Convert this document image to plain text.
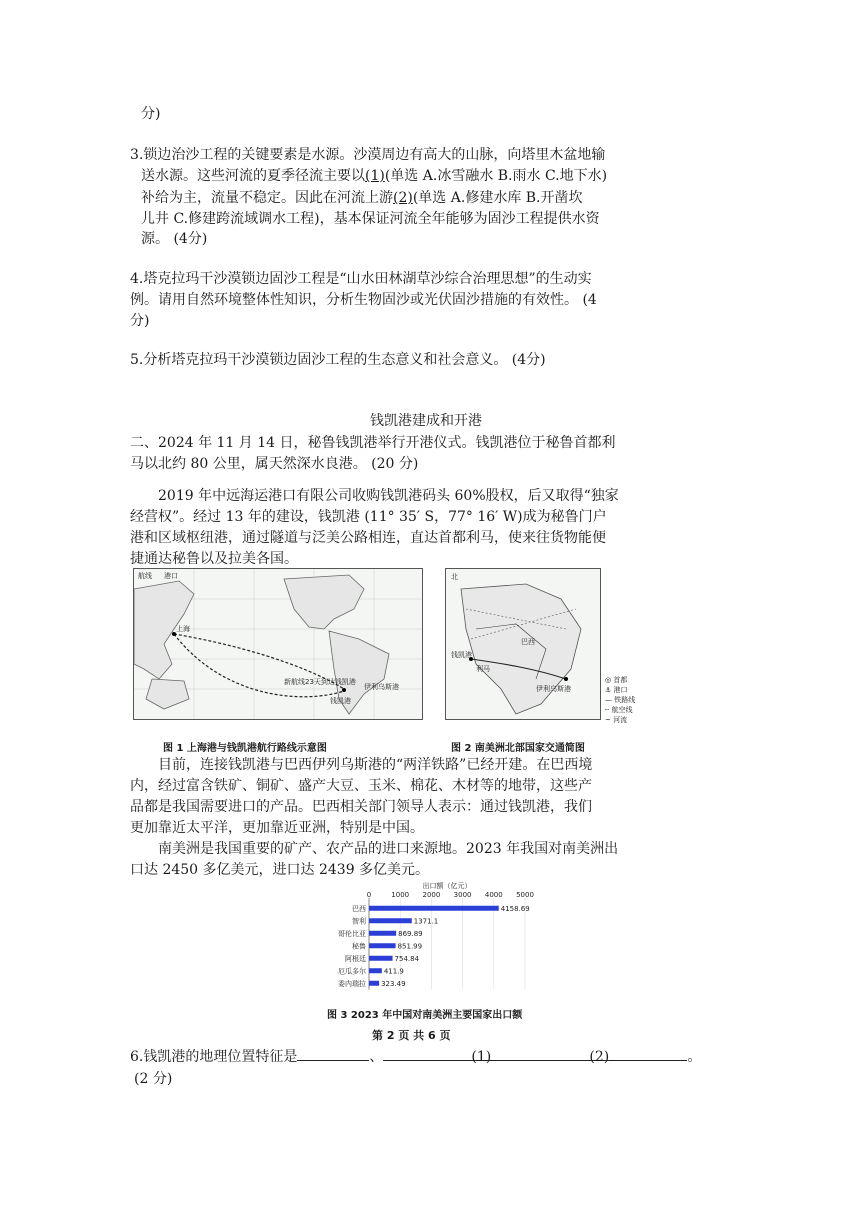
分)

3.锁边治沙工程的关键要素是水源。沙漠周边有高大的山脉，向塔里木盆地输

送水源。这些河流的夏季径流主要以(1)(单选 A.冰雪融水 B.雨水 C.地下水)

补给为主，流量不稳定。因此在河流上游(2)(单选 A.修建水库 B.开凿坎

儿井 C.修建跨流域调水工程)，基本保证河流全年能够为固沙工程提供水资

源。 (4分)

4.塔克拉玛干沙漠锁边固沙工程是“山水田林湖草沙综合治理思想”的生动实

例。请用自然环境整体性知识，分析生物固沙或光伏固沙措施的有效性。 (4

分)

5.分析塔克拉玛干沙漠锁边固沙工程的生态意义和社会意义。 (4分)

钱凯港建成和开港

二、2024 年 11 月 14 日，秘鲁钱凯港举行开港仪式。钱凯港位于秘鲁首都利

马以北约 80 公里，属天然深水良港。 (20 分)

2019 年中远海运港口有限公司收购钱凯港码头 60%股权，后又取得“独家

经营权”。经过 13 年的建设，钱凯港 (11° 35′ S，77° 16′ W)成为秘鲁门户

港和区域枢纽港，通过隧道与泛美公路相连，直达首都利马，使来往货物能便

捷通达秘鲁以及拉美各国。

航线 港口
上海
新航线23天到达钱凯港
钱凯港
伊利乌斯港
图 1 上海港与钱凯港航行路线示意图
北
巴西
钱凯港
利马
伊利乌斯港
◎ 首都
⚓ 港口
— 铁路线
┄ 航空线
~ 河流
图 2 南美洲北部国家交通简图

目前，连接钱凯港与巴西伊列乌斯港的“两洋铁路”已经开建。在巴西境

内，经过富含铁矿、铜矿、盛产大豆、玉米、棉花、木材等的地带，这些产

品都是我国需要进口的产品。巴西相关部门领导人表示：通过钱凯港，我们

更加靠近太平洋，更加靠近亚洲，特别是中国。

南美洲是我国重要的矿产、农产品的进口来源地。2023 年我国对南美洲出

口达 2450 多亿美元，进口达 2439 多亿美元。

出口额（亿元）
0	1000 2000 3000 4000 5000
巴西
智利
哥伦比亚
秘鲁
阿根廷
厄瓜多尔
委内瑞拉
4158.69
1371.1
869.89
851.99
754.84
411.9
323.49
图 3 2023 年中国对南美洲主要国家出口额
第 2 页 共 6 页

6.钱凯港的地理位置特征是	、	(1)	(2)	。

(2 分)
